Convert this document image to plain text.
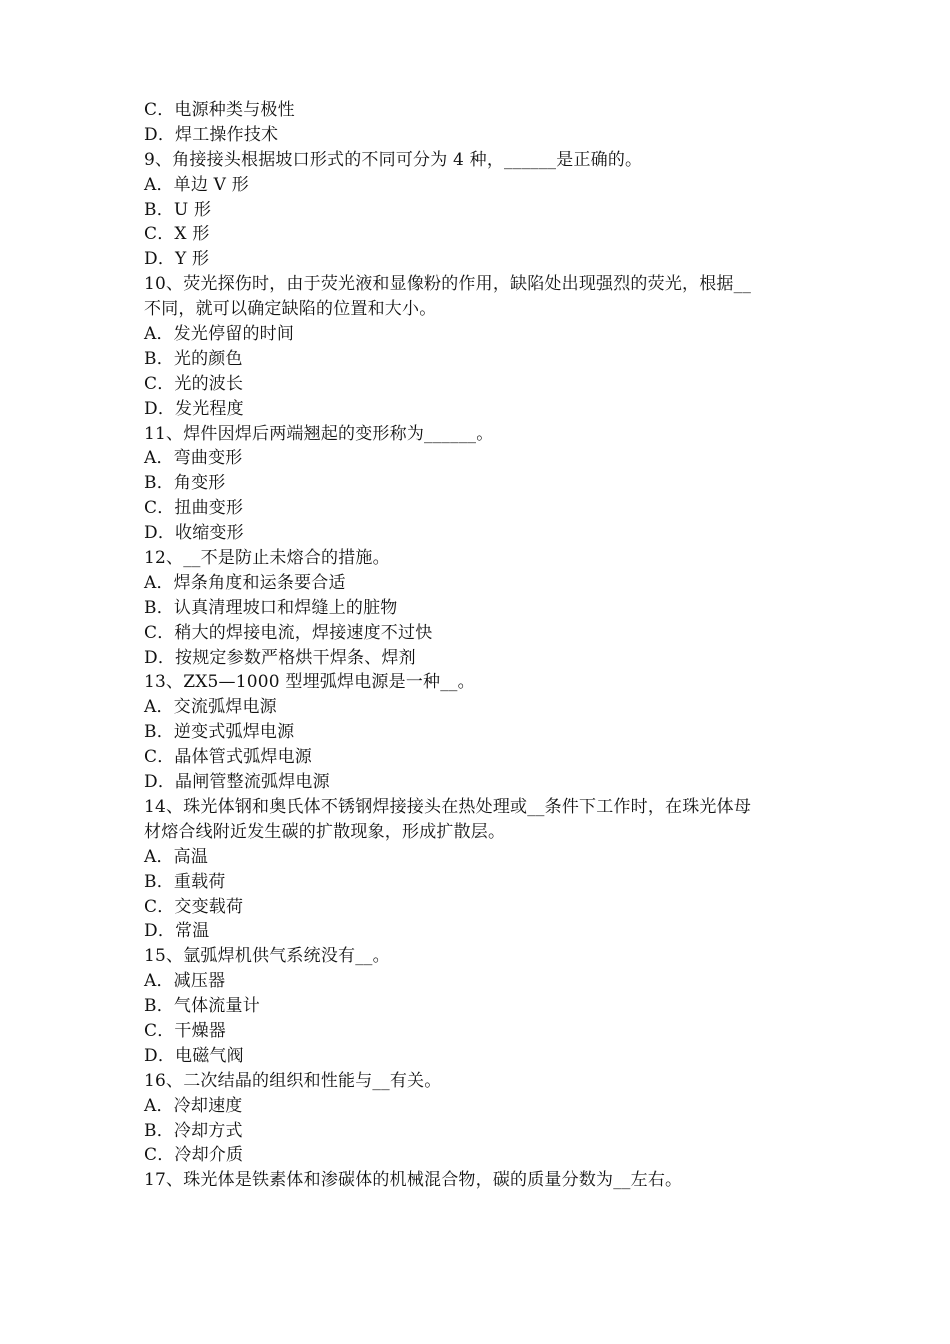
C．电源种类与极性
D．焊工操作技术
9、角接接头根据坡口形式的不同可分为 4 种，______是正确的。
A．单边 V 形
B．U 形
C．X 形
D．Y 形
10、荧光探伤时，由于荧光液和显像粉的作用，缺陷处出现强烈的荧光，根据__
不同，就可以确定缺陷的位置和大小。
A．发光停留的时间
B．光的颜色
C．光的波长
D．发光程度
11、焊件因焊后两端翘起的变形称为______。
A．弯曲变形
B．角变形
C．扭曲变形
D．收缩变形
12、__不是防止未熔合的措施。
A．焊条角度和运条要合适
B．认真清理坡口和焊缝上的脏物
C．稍大的焊接电流，焊接速度不过快
D．按规定参数严格烘干焊条、焊剂
13、ZX5—1000 型埋弧焊电源是一种__。
A．交流弧焊电源
B．逆变式弧焊电源
C．晶体管式弧焊电源
D．晶闸管整流弧焊电源
14、珠光体钢和奥氏体不锈钢焊接接头在热处理或__条件下工作时，在珠光体母
材熔合线附近发生碳的扩散现象，形成扩散层。
A．高温
B．重载荷
C．交变载荷
D．常温
15、氩弧焊机供气系统没有__。
A．减压器
B．气体流量计
C．干燥器
D．电磁气阀
16、二次结晶的组织和性能与__有关。
A．冷却速度
B．冷却方式
C．冷却介质
17、珠光体是铁素体和渗碳体的机械混合物，碳的质量分数为__左右。
